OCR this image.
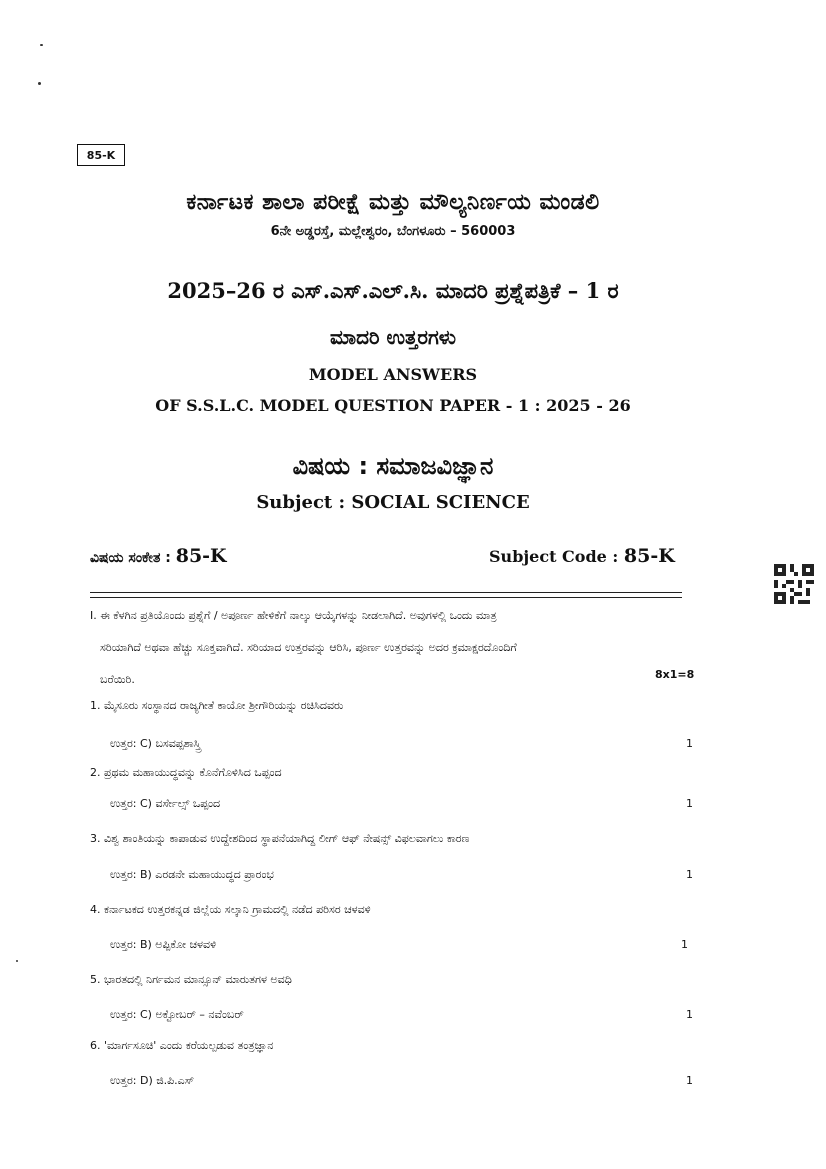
85-K
ಕರ್ನಾಟಕ ಶಾಲಾ ಪರೀಕ್ಷೆ ಮತ್ತು ಮೌಲ್ಯನಿರ್ಣಯ ಮಂಡಲಿ
6ನೇ ಅಡ್ಡರಸ್ತೆ, ಮಲ್ಲೇಶ್ವರಂ, ಬೆಂಗಳೂರು – 560003
2025–26 ರ ಎಸ್.ಎಸ್.ಎಲ್.ಸಿ. ಮಾದರಿ ಪ್ರಶ್ನೆಪತ್ರಿಕೆ – 1 ರ
ಮಾದರಿ ಉತ್ತರಗಳು
MODEL ANSWERS
OF S.S.L.C. MODEL QUESTION PAPER - 1 : 2025 - 26
ವಿಷಯ : ಸಮಾಜವಿಜ್ಞಾನ
Subject : SOCIAL SCIENCE
ವಿಷಯ ಸಂಕೇತ : 85-K	Subject Code : 85-K
I. ಈ ಕೆಳಗಿನ ಪ್ರತಿಯೊಂದು ಪ್ರಶ್ನೆಗೆ / ಅಪೂರ್ಣ ಹೇಳಿಕೆಗೆ ನಾಲ್ಕು ಆಯ್ಕೆಗಳನ್ನು ನೀಡಲಾಗಿದೆ. ಅವುಗಳಲ್ಲಿ ಒಂದು ಮಾತ್ರ
ಸರಿಯಾಗಿದೆ ಅಥವಾ ಹೆಚ್ಚು ಸೂಕ್ತವಾಗಿದೆ. ಸರಿಯಾದ ಉತ್ತರವನ್ನು ಆರಿಸಿ, ಪೂರ್ಣ ಉತ್ತರವನ್ನು ಅದರ ಕ್ರಮಾಕ್ಷರದೊಂದಿಗೆ
ಬರೆಯಿರಿ.	8x1=8
1. ಮೈಸೂರು ಸಂಸ್ಥಾನದ ರಾಜ್ಯಗೀತೆ ಕಾಯೋ ಶ್ರೀಗೌರಿಯನ್ನು ರಚಿಸಿದವರು
ಉತ್ತರ: C) ಬಸವಪ್ಪಶಾಸ್ತ್ರಿ	1
2. ಪ್ರಥಮ ಮಹಾಯುದ್ಧವನ್ನು ಕೊನೆಗೊಳಿಸಿದ ಒಪ್ಪಂದ
ಉತ್ತರ: C) ವರ್ಸೇಲ್ಸ್ ಒಪ್ಪಂದ	1
3. ವಿಶ್ವ ಶಾಂತಿಯನ್ನು ಕಾಪಾಡುವ ಉದ್ದೇಶದಿಂದ ಸ್ಥಾಪನೆಯಾಗಿದ್ದ ಲೀಗ್ ಆಫ್ ನೇಷನ್ಸ್ ವಿಫಲವಾಗಲು ಕಾರಣ
ಉತ್ತರ: B) ಎರಡನೇ ಮಹಾಯುದ್ಧದ ಪ್ರಾರಂಭ	1
4. ಕರ್ನಾಟಕದ ಉತ್ತರಕನ್ನಡ ಜಿಲ್ಲೆಯ ಸಲ್ಕಾನಿ ಗ್ರಾಮದಲ್ಲಿ ನಡೆದ ಪರಿಸರ ಚಳವಳಿ
ಉತ್ತರ: B) ಅಪ್ಪಿಕೋ ಚಳವಳಿ	1
5. ಭಾರತದಲ್ಲಿ ನಿರ್ಗಮನ ಮಾನ್ಸೂನ್ ಮಾರುತಗಳ ಅವಧಿ
ಉತ್ತರ: C) ಅಕ್ಟೋಬರ್ – ನವೆಂಬರ್	1
6. 'ಮಾರ್ಗಸೂಚಿ' ಎಂದು ಕರೆಯಲ್ಪಡುವ ತಂತ್ರಜ್ಞಾನ
ಉತ್ತರ: D) ಜಿ.ಪಿ.ಎಸ್	1
